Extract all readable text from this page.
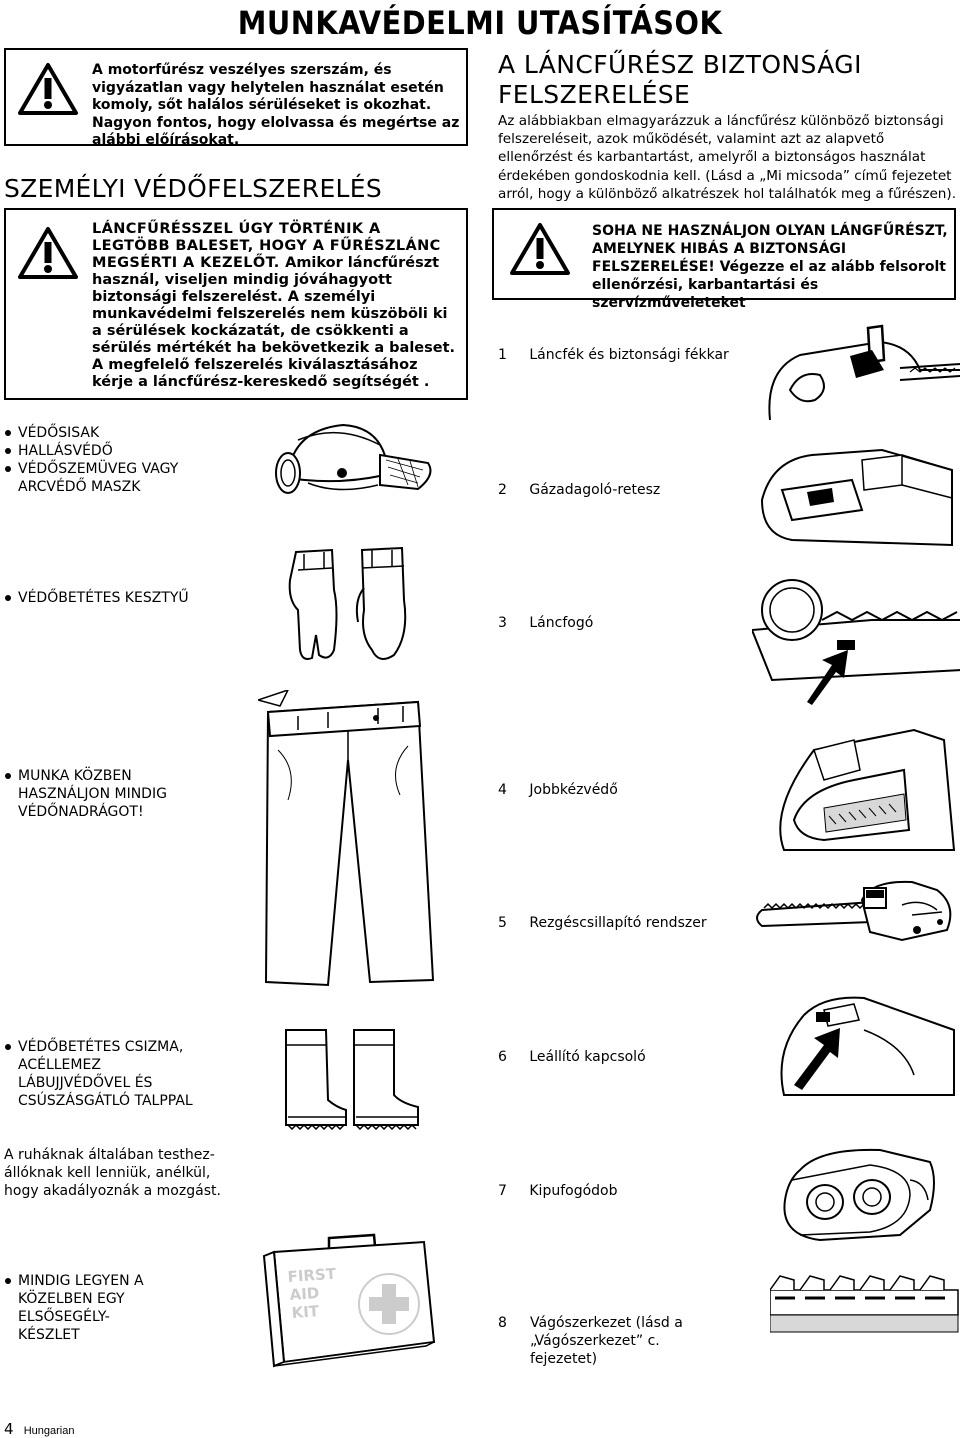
MUNKAVÉDELMI UTASÍTÁSOK
A motorfűrész veszélyes szerszám, és vigyázatlan vagy helytelen használat esetén komoly, sőt halálos sérüléseket is okozhat. Nagyon fontos, hogy elolvassa és megértse az alábbi előírásokat.
SZEMÉLYI VÉDŐFELSZERELÉS
LÁNCFŰRÉSSZEL ÚGY TÖRTÉNIK A LEGTÖBB BALESET, HOGY A FŰRÉSZLÁNC MEGSÉRTI A KEZELŐT. Amikor láncfűrészt használ, viseljen mindig jóváhagyott biztonsági felszerelést. A személyi munkavédelmi felszerelés nem küszöböli ki a sérülések kockázatát, de csökkenti a sérülés mértékét ha bekövetkezik a baleset. A megfelelő felszerelés kiválasztásához kérje a láncfűrész-kereskedő segítségét .
VÉDŐSISAK
HALLÁSVÉDŐ
VÉDŐSZEMÜVEG VAGY ARCVÉDŐ MASZK
VÉDŐBETÉTES KESZTYŰ
MUNKA KÖZBEN HASZNÁLJON MINDIG VÉDŐNADRÁGOT!
VÉDŐBETÉTES CSIZMA, ACÉLLEMEZ LÁBUJJVÉDŐVEL ÉS CSÚSZÁSGÁTLÓ TALPPAL
A ruháknak általában testhez-állóknak kell lenniük, anélkül, hogy akadályoznák a mozgást.
MINDIG LEGYEN A KÖZELBEN EGY ELSŐSEGÉLY-KÉSZLET
FIRST
AID
KIT
A LÁNCFŰRÉSZ BIZTONSÁGI
FELSZERELÉSE
Az alábbiakban elmagyarázzuk a láncfűrész különböző biztonsági felszereléseit, azok működését, valamint azt az alapvető ellenőrzést és karbantartást, amelyről a biztonságos használat érdekében gondoskodnia kell. (Lásd a „Mi micsoda” című fejezetet arról, hogy a különböző alkatrészek hol találhatók meg a fűrészen).
SOHA NE HASZNÁLJON OLYAN LÁNGFŰRÉSZT, AMELYNEK HIBÁS A BIZTONSÁGI FELSZERELÉSE! Végezze el az alább felsorolt ellenőrzési, karbantartási és szervízműveleteket
1 Láncfék és biztonsági fékkar
2 Gázadagoló-retesz
3 Láncfogó
4 Jobbkézvédő
5 Rezgéscsillapító rendszer
6 Leállító kapcsoló
7 Kipufogódob
8 Vágószerkezet (lásd a „Vágószerkezet” c. fejezetet)
4 Hungarian
